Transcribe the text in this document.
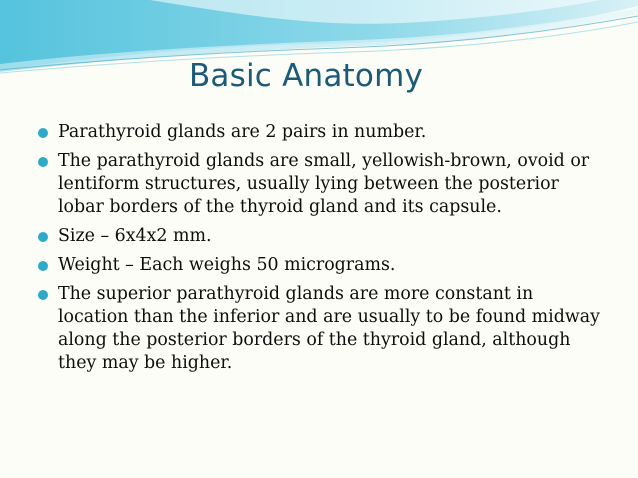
Basic Anatomy
Parathyroid glands are 2 pairs in number.
The parathyroid glands are small, yellowish-brown, ovoid or lentiform structures, usually lying between the posterior lobar borders of the thyroid gland and its capsule.
Size – 6x4x2 mm.
Weight – Each weighs 50 micrograms.
The superior parathyroid glands are more constant in location than the inferior and are usually to be found midway along the posterior borders of the thyroid gland, although they may be higher.
